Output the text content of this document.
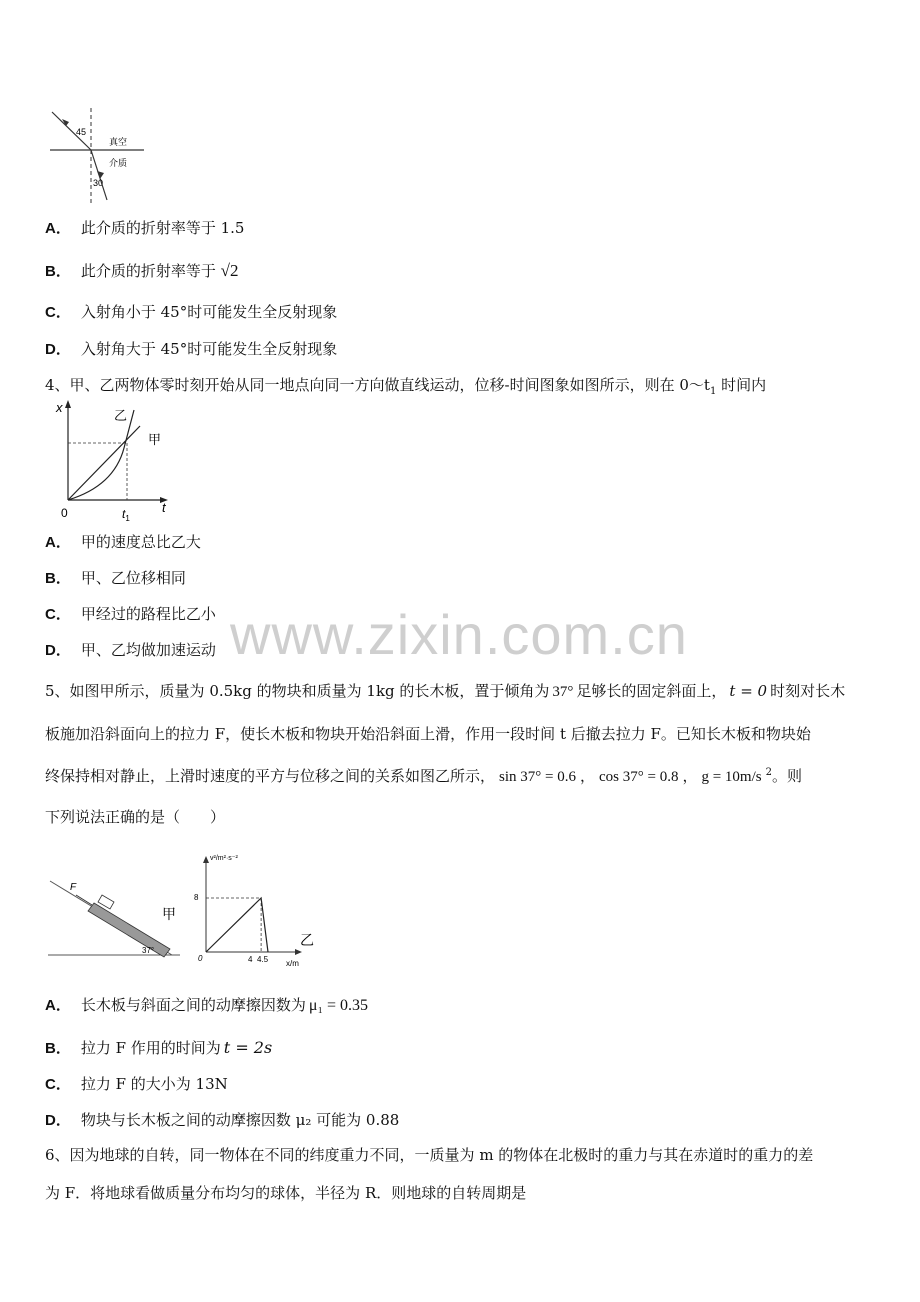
45
30
真空
介质
A． 此介质的折射率等于 1.5
B． 此介质的折射率等于 √2
C． 入射角小于 45°时可能发生全反射现象
D． 入射角大于 45°时可能发生全反射现象
4、甲、乙两物体零时刻开始从同一地点向同一方向做直线运动，位移-时间图象如图所示，则在 $0\sim t_1$ 时间内
x
t
0	$t_1$
乙
甲
A． 甲的速度总比乙大
B． 甲、乙位移相同
C． 甲经过的路程比乙小
D． 甲、乙均做加速运动 www.zixin.com.cn
5、如图甲所示，质量为 0.5kg 的物块和质量为 1kg 的长木板，置于倾角为 37° 足够长的固定斜面上， t = 0 时刻对长木
板施加沿斜面向上的拉力 F，使长木板和物块开始沿斜面上滑，作用一段时间 t 后撤去拉力 F。已知长木板和物块始
终保持相对静止，上滑时速度的平方与位移之间的关系如图乙所示， sin 37° = 0.6 ， cos 37° = 0.8 ， g = 10m/s $^2$。则
下列说法正确的是（　　）
F
37°
甲
v²/m²·s⁻²
x/m
0
8
4 4.5
乙
A． 长木板与斜面之间的动摩擦因数为 μ₁ = 0.35
B． 拉力 F 作用的时间为 t = 2s
C． 拉力 F 的大小为 13N
D． 物块与长木板之间的动摩擦因数 μ₂ 可能为 0.88
6、因为地球的自转，同一物体在不同的纬度重力不同，一质量为 m 的物体在北极时的重力与其在赤道时的重力的差
为 F．将地球看做质量分布均匀的球体，半径为 R．则地球的自转周期是
